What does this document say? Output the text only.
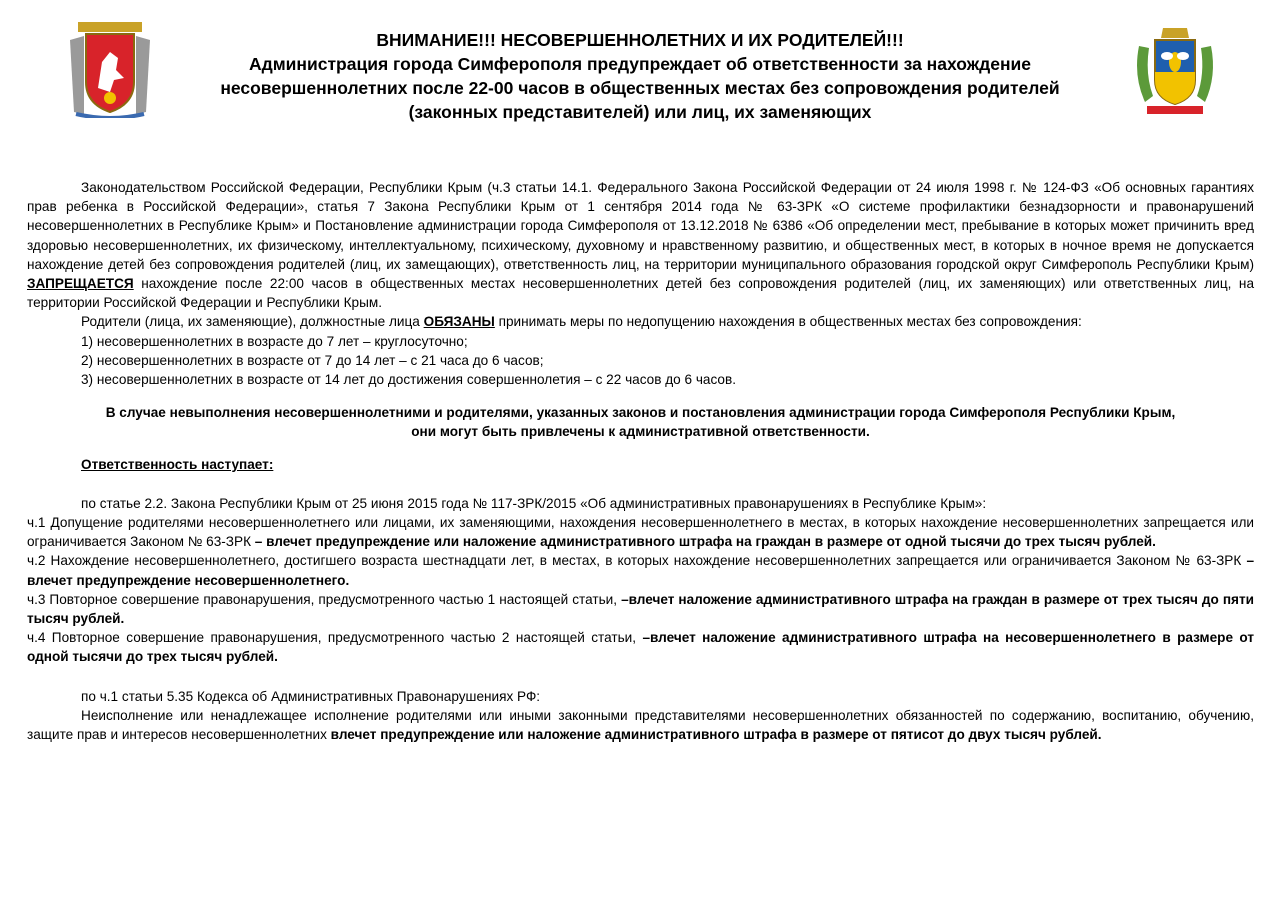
ВНИМАНИЕ!!! НЕСОВЕРШЕННОЛЕТНИХ И ИХ РОДИТЕЛЕЙ!!!
Администрация города Симферополя предупреждает об ответственности за нахождение
несовершеннолетних после 22-00 часов в общественных местах без сопровождения родителей
(законных представителей) или лиц, их заменяющих

Законодательством Российской Федерации, Республики Крым (ч.3 статьи 14.1. Федерального Закона Российской Федерации от 24 июля 1998 г. № 124-ФЗ «Об основных гарантиях прав ребенка в Российской Федерации», статья 7 Закона Республики Крым от 1 сентября 2014 года № 63-ЗРК «О системе профилактики безнадзорности и правонарушений несовершеннолетних в Республике Крым» и Постановление администрации города Симферополя от 13.12.2018 № 6386 «Об определении мест, пребывание в которых может причинить вред здоровью несовершеннолетних, их физическому, интеллектуальному, психическому, духовному и нравственному развитию, и общественных мест, в которых в ночное время не допускается нахождение детей без сопровождения родителей (лиц, их замещающих), ответственность лиц, на территории муниципального образования городской округ Симферополь Республики Крым) ЗАПРЕЩАЕТСЯ нахождение после 22:00 часов в общественных местах несовершеннолетних детей без сопровождения родителей (лиц, их заменяющих) или ответственных лиц, на территории Российской Федерации и Республики Крым.

Родители (лица, их заменяющие), должностные лица ОБЯЗАНЫ принимать меры по недопущению нахождения в общественных местах без сопровождения:

1) несовершеннолетних в возрасте до 7 лет – круглосуточно;

2) несовершеннолетних в возрасте от 7 до 14 лет – с 21 часа до 6 часов;

3) несовершеннолетних в возрасте от 14 лет до достижения совершеннолетия – с 22 часов до 6 часов.

В случае невыполнения несовершеннолетними и родителями, указанных законов и постановления администрации города Симферополя Республики Крым,
они могут быть привлечены к административной ответственности.
Ответственность наступает:

по статье 2.2. Закона Республики Крым от 25 июня 2015 года № 117-ЗРК/2015 «Об административных правонарушениях в Республике Крым»:

ч.1 Допущение родителями несовершеннолетнего или лицами, их заменяющими, нахождения несовершеннолетнего в местах, в которых нахождение несовершеннолетних запрещается или ограничивается Законом № 63-ЗРК – влечет предупреждение или наложение административного штрафа на граждан в размере от одной тысячи до трех тысяч рублей.

ч.2 Нахождение несовершеннолетнего, достигшего возраста шестнадцати лет, в местах, в которых нахождение несовершеннолетних запрещается или ограничивается Законом № 63-ЗРК – влечет предупреждение несовершеннолетнего.

ч.3 Повторное совершение правонарушения, предусмотренного частью 1 настоящей статьи, –влечет наложение административного штрафа на граждан в размере от трех тысяч до пяти тысяч рублей.

ч.4 Повторное совершение правонарушения, предусмотренного частью 2 настоящей статьи, –влечет наложение административного штрафа на несовершеннолетнего в размере от одной тысячи до трех тысяч рублей.

по ч.1 статьи 5.35 Кодекса об Административных Правонарушениях РФ:

Неисполнение или ненадлежащее исполнение родителями или иными законными представителями несовершеннолетних обязанностей по содержанию, воспитанию, обучению, защите прав и интересов несовершеннолетних влечет предупреждение или наложение административного штрафа в размере от пятисот до двух тысяч рублей.
